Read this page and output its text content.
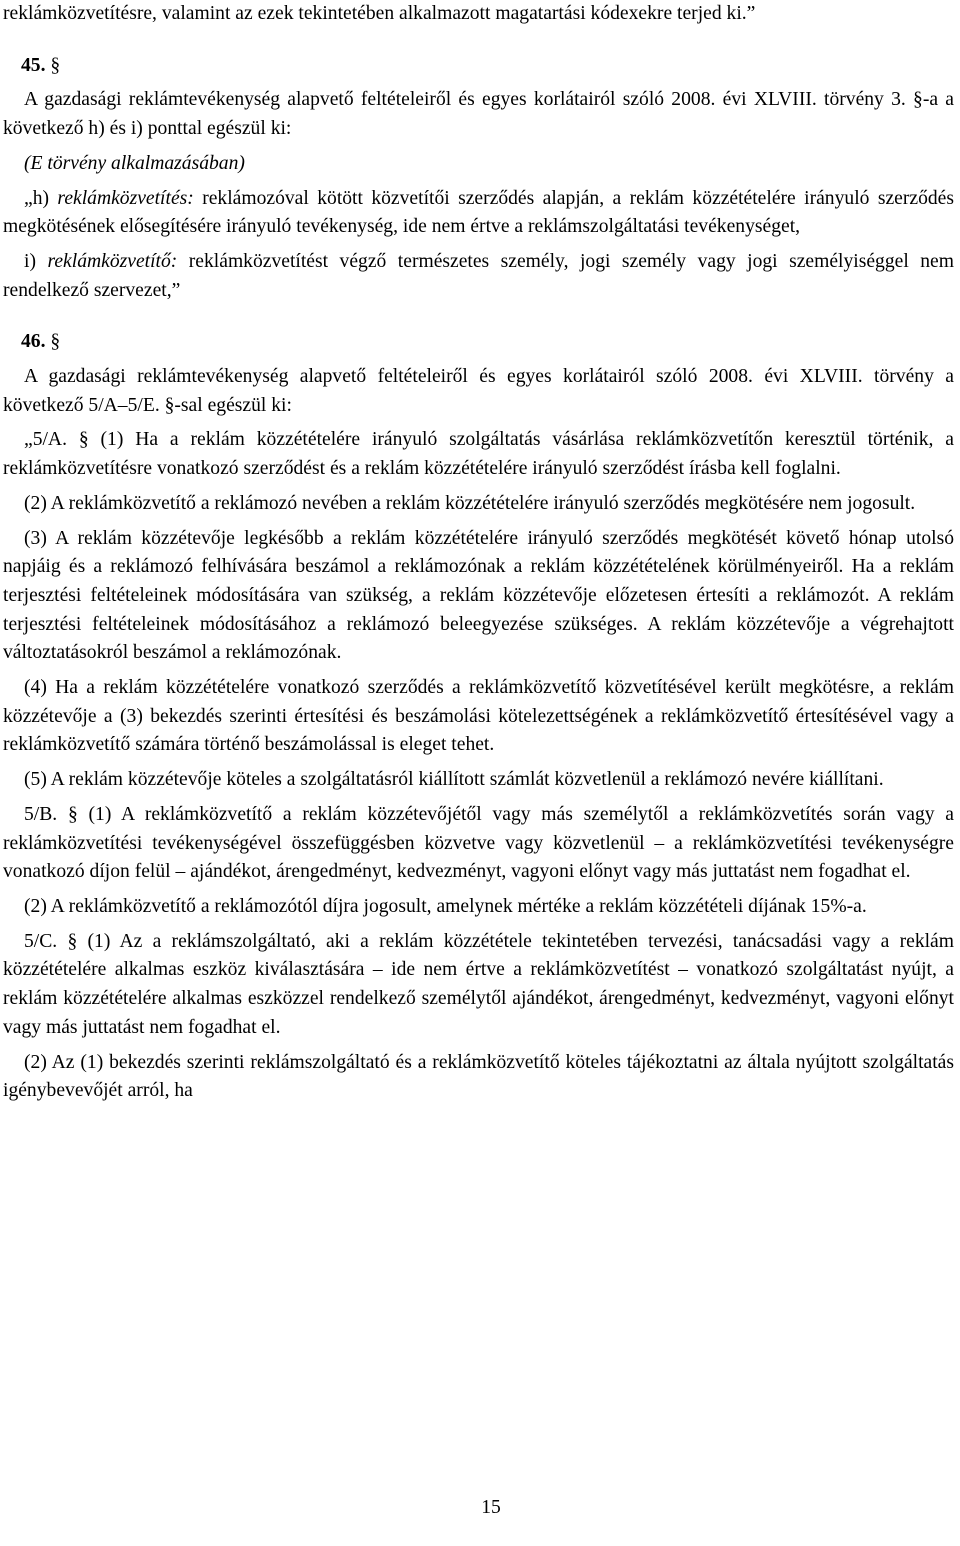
reklámközvetítésre, valamint az ezek tekintetében alkalmazott magatartási kódexekre terjed ki.”

45. §

A gazdasági reklámtevékenység alapvető feltételeiről és egyes korlátairól szóló 2008. évi XLVIII. törvény 3. §-a a következő h) és i) ponttal egészül ki:

(E törvény alkalmazásában)

„h) reklámközvetítés: reklámozóval kötött közvetítői szerződés alapján, a reklám közzétételére irányuló szerződés megkötésének elősegítésére irányuló tevékenység, ide nem értve a reklámszolgáltatási tevékenységet,

i) reklámközvetítő: reklámközvetítést végző természetes személy, jogi személy vagy jogi személyiséggel nem rendelkező szervezet,”

46. §

A gazdasági reklámtevékenység alapvető feltételeiről és egyes korlátairól szóló 2008. évi XLVIII. törvény a következő 5/A–5/E. §-sal egészül ki:

„5/A. § (1) Ha a reklám közzétételére irányuló szolgáltatás vásárlása reklámközvetítőn keresztül történik, a reklámközvetítésre vonatkozó szerződést és a reklám közzétételére irányuló szerződést írásba kell foglalni.

(2) A reklámközvetítő a reklámozó nevében a reklám közzétételére irányuló szerződés megkötésére nem jogosult.

(3) A reklám közzétevője legkésőbb a reklám közzétételére irányuló szerződés megkötését követő hónap utolsó napjáig és a reklámozó felhívására beszámol a reklámozónak a reklám közzétételének körülményeiről. Ha a reklám terjesztési feltételeinek módosítására van szükség, a reklám közzétevője előzetesen értesíti a reklámozót. A reklám terjesztési feltételeinek módosításához a reklámozó beleegyezése szükséges. A reklám közzétevője a végrehajtott változtatásokról beszámol a reklámozónak.

(4) Ha a reklám közzétételére vonatkozó szerződés a reklámközvetítő közvetítésével került megkötésre, a reklám közzétevője a (3) bekezdés szerinti értesítési és beszámolási kötelezettségének a reklámközvetítő értesítésével vagy a reklámközvetítő számára történő beszámolással is eleget tehet.

(5) A reklám közzétevője köteles a szolgáltatásról kiállított számlát közvetlenül a reklámozó nevére kiállítani.

5/B. § (1) A reklámközvetítő a reklám közzétevőjétől vagy más személytől a reklámközvetítés során vagy a reklámközvetítési tevékenységével összefüggésben közvetve vagy közvetlenül – a reklámközvetítési tevékenységre vonatkozó díjon felül – ajándékot, árengedményt, kedvezményt, vagyoni előnyt vagy más juttatást nem fogadhat el.

(2) A reklámközvetítő a reklámozótól díjra jogosult, amelynek mértéke a reklám közzétételi díjának 15%-a.

5/C. § (1) Az a reklámszolgáltató, aki a reklám közzététele tekintetében tervezési, tanácsadási vagy a reklám közzétételére alkalmas eszköz kiválasztására – ide nem értve a reklámközvetítést – vonatkozó szolgáltatást nyújt, a reklám közzétételére alkalmas eszközzel rendelkező személytől ajándékot, árengedményt, kedvezményt, vagyoni előnyt vagy más juttatást nem fogadhat el.

(2) Az (1) bekezdés szerinti reklámszolgáltató és a reklámközvetítő köteles tájékoztatni az általa nyújtott szolgáltatás igénybevevőjét arról, ha

15
